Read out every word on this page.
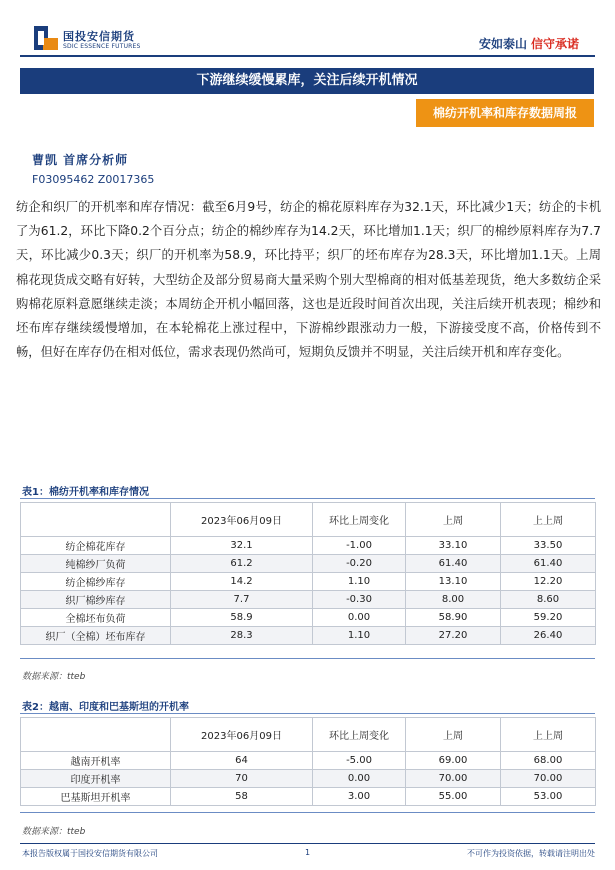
国投安信期货
SDIC ESSENCE FUTURES	安如泰山 信守承诺
下游继续缓慢累库，关注后续开机情况
棉纺开机率和库存数据周报
曹凯 首席分析师
F03095462 Z0017365
纺企和织厂的开机率和库存情况：截至6月9号，纺企的棉花原料库存为32.1天，环比减少1天；纺企的卡机了为61.2，环比下降0.2个百分点；纺企的棉纱库存为14.2天，环比增加1.1天；织厂的棉纱原料库存为7.7天，环比减少0.3天；织厂的开机率为58.9，环比持平；织厂的坯布库存为28.3天，环比增加1.1天。上周棉花现货成交略有好转，大型纺企及部分贸易商大量采购个别大型棉商的相对低基差现货，绝大多数纺企采购棉花原料意愿继续走淡；本周纺企开机小幅回落，这也是近段时间首次出现，关注后续开机表现；棉纱和坯布库存继续缓慢增加，在本轮棉花上涨过程中，下游棉纱跟涨动力一般，下游接受度不高，价格传到不畅，但好在库存仍在相对低位，需求表现仍然尚可，短期负反馈并不明显，关注后续开机和库存变化。
表1：棉纺开机率和库存情况
	2023年06月09日	环比上周变化	上周	上上周
纺企棉花库存	32.1	-1.00	33.10	33.50
纯棉纱厂负荷	61.2	-0.20	61.40	61.40
纺企棉纱库存	14.2	1.10	13.10	12.20
织厂棉纱库存	7.7	-0.30	8.00	8.60
全棉坯布负荷	58.9	0.00	58.90	59.20
织厂（全棉）坯布库存	28.3	1.10	27.20	26.40
数据来源：tteb
表2：越南、印度和巴基斯坦的开机率
	2023年06月09日	环比上周变化	上周	上上周
越南开机率	64	-5.00	69.00	68.00
印度开机率	70	0.00	70.00	70.00
巴基斯坦开机率	58	3.00	55.00	53.00
数据来源：ttеb
本报告版权属于国投安信期货有限公司	1	不可作为投资依据，转载请注明出处
